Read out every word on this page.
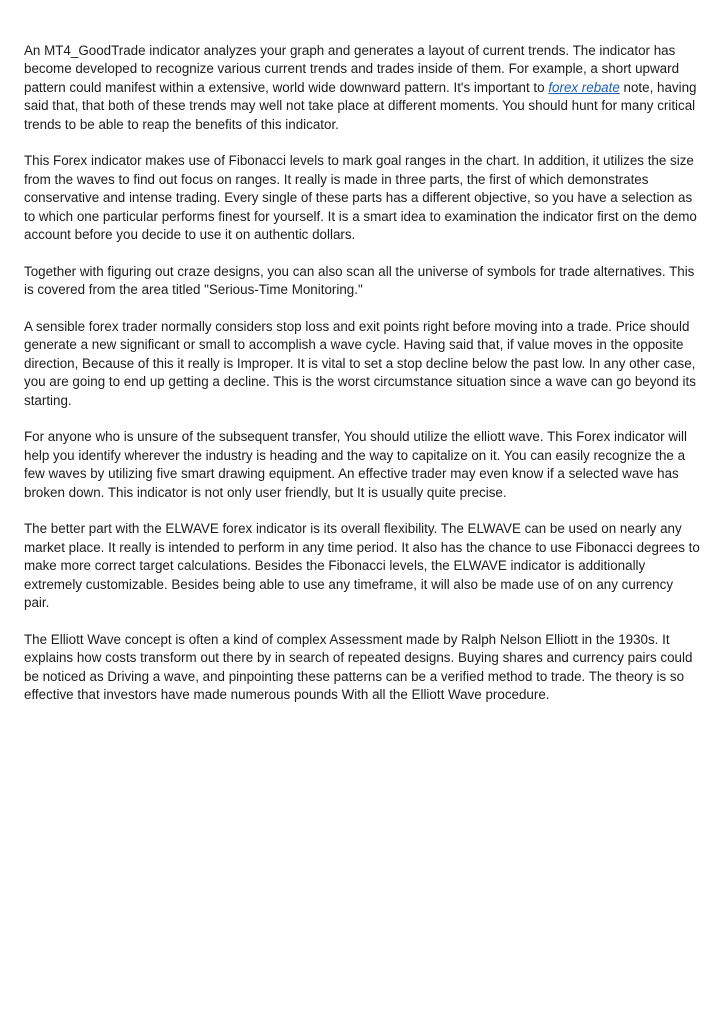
An MT4_GoodTrade indicator analyzes your graph and generates a layout of current trends. The indicator has become developed to recognize various current trends and trades inside of them. For example, a short upward pattern could manifest within a extensive, world wide downward pattern. It's important to forex rebate note, having said that, that both of these trends may well not take place at different moments. You should hunt for many critical trends to be able to reap the benefits of this indicator.

This Forex indicator makes use of Fibonacci levels to mark goal ranges in the chart. In addition, it utilizes the size from the waves to find out focus on ranges. It really is made in three parts, the first of which demonstrates conservative and intense trading. Every single of these parts has a different objective, so you have a selection as to which one particular performs finest for yourself. It is a smart idea to examination the indicator first on the demo account before you decide to use it on authentic dollars.

Together with figuring out craze designs, you can also scan all the universe of symbols for trade alternatives. This is covered from the area titled "Serious-Time Monitoring."

A sensible forex trader normally considers stop loss and exit points right before moving into a trade. Price should generate a new significant or small to accomplish a wave cycle. Having said that, if value moves in the opposite direction, Because of this it really is Improper. It is vital to set a stop decline below the past low. In any other case, you are going to end up getting a decline. This is the worst circumstance situation since a wave can go beyond its starting.

For anyone who is unsure of the subsequent transfer, You should utilize the elliott wave. This Forex indicator will help you identify wherever the industry is heading and the way to capitalize on it. You can easily recognize the a few waves by utilizing five smart drawing equipment. An effective trader may even know if a selected wave has broken down. This indicator is not only user friendly, but It is usually quite precise.

The better part with the ELWAVE forex indicator is its overall flexibility. The ELWAVE can be used on nearly any market place. It really is intended to perform in any time period. It also has the chance to use Fibonacci degrees to make more correct target calculations. Besides the Fibonacci levels, the ELWAVE indicator is additionally extremely customizable. Besides being able to use any timeframe, it will also be made use of on any currency pair.

The Elliott Wave concept is often a kind of complex Assessment made by Ralph Nelson Elliott in the 1930s. It explains how costs transform out there by in search of repeated designs. Buying shares and currency pairs could be noticed as Driving a wave, and pinpointing these patterns can be a verified method to trade. The theory is so effective that investors have made numerous pounds With all the Elliott Wave procedure.
